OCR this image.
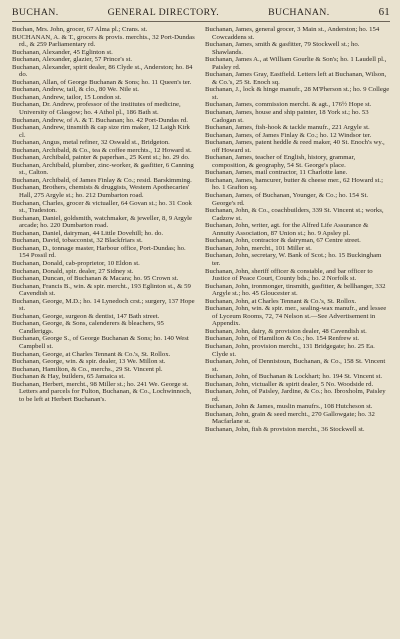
BUCHAN.	GENERAL DIRECTORY.	BUCHANAN.	61

Buchan, Mrs. John, grocer, 67 Alma pl.; Crans. st.

BUCHANAN, A. & T., grocers & provis. merchts., 32 Port-Dundas rd., & 259 Parliamentary rd.

Buchanan, Alexander, 45 Eglinton st.

Buchanan, Alexander, glazier, 57 Prince's st.

Buchanan, Alexander, spirit dealer, 86 Clyde st., Anderston; ho. 84 do.

Buchanan, Allan, of George Buchanan & Sons; ho. 11 Queen's ter.

Buchanan, Andrew, tail, & clo., 80 We. Nile st.

Buchanan, Andrew, tailor, 15 London st.

Buchanan, Dr. Andrew, professor of the institutes of medicine, University of Glasgow; ho. 4 Athol pl., 186 Bath st.

Buchanan, Andrew, of A. & T. Buchanan; ho. 42 Port-Dundas rd.

Buchanan, Andrew, tinsmith & cap size rim maker, 12 Laigh Kirk cl.

Buchanan, Angus, metal refiner, 32 Oswald st., Bridgeton.

Buchanan, Archibald, & Co., tea & coffee merchts., 12 Howard st.

Buchanan, Archibald, painter & paperhan., 25 Kent st.; ho. 29 do.

Buchanan, Archibald, plumber, zinc-worker, & gasfitter, 6 Canning st., Calton.

Buchanan, Archibald, of James Finlay & Co.; resid. Barskimming.

Buchanan, Brothers, chemists & druggists, Western Apothecaries' Hall, 275 Argyle st.; ho. 212 Dumbarton road.

Buchanan, Charles, grocer & victualler, 64 Govan st.; ho. 31 Cook st., Tradeston.

Buchanan, Daniel, goldsmith, watchmaker, & jeweller, 8, 9 Argyle arcade; ho. 220 Dumbarton road.

Buchanan, Daniel, dairyman, 44 Little Dovehill; ho. do.

Buchanan, David, tobacconist, 32 Blackfriars st.

Buchanan, D., tonnage master, Harbour office, Port-Dundas; ho. 154 Possil rd.

Buchanan, Donald, cab-proprietor, 10 Eldon st.

Buchanan, Donald, spir. dealer, 27 Sidney st.

Buchanan, Duncan, of Buchanan & Macara; ho. 95 Crown st.

Buchanan, Francis B., win. & spir. mercht., 193 Eglinton st., & 59 Cavendish st.

Buchanan, George, M.D.; ho. 14 Lynedoch crst.; surgery, 137 Hope st.

Buchanan, George, surgeon & dentist, 147 Bath street.

Buchanan, George, & Sons, calenderers & bleachers, 95 Candleriggs.

Buchanan, George S., of George Buchanan & Sons; ho. 140 West Campbell st.

Buchanan, George, at Charles Tennant & Co.'s, St. Rollox.

Buchanan, George, win. & spir. dealer, 13 We. Millon st.

Buchanan, Hamilton, & Co., merchs., 29 St. Vincent pl.

Buchanan & Hay, builders, 65 Jamaica st.

Buchanan, Herbert, mercht., 98 Miller st.; ho. 241 We. George st. Letters and parcels for Fulton, Buchanan, & Co., Lochwinnoch, to be left at Herbert Buchanan's.

Buchanan, James, general grocer, 3 Main st., Anderston; ho. 154 Cowcaddens st.

Buchanan, James, smith & gasfitter, 79 Stockwell st.; ho. Shawlands.

Buchanan, James A., at William Gourlie & Son's; ho. 1 Laudell pl., Paisley rd.

Buchanan, James Gray, Eastfield. Letters left at Buchanan, Wilson, & Co.'s, 25 St. Enoch sq.

Buchanan, J., lock & hinge manufr., 28 M'Pherson st.; ho. 9 College st.

Buchanan, James, commission mercht. & agt., 176½ Hope st.

Buchanan, James, house and ship painter, 18 York st.; ho. 53 Cadogan st.

Buchanan, James, fish-hook & tackle manufr., 221 Argyle st.

Buchanan, James, of James Finlay & Co.; ho. 12 Windsor ter.

Buchanan, James, patent heddle & reed maker, 40 St. Enoch's wy., off Howard st.

Buchanan, James, teacher of English, history, grammar, composition, & geography, 54 St. George's place.

Buchanan, James, mail contractor, 11 Charlotte lane.

Buchanan, James, hamcurer, butter & cheese mer., 62 Howard st.; ho. 1 Grafton sq.

Buchanan, James, of Buchanan, Younger, & Co.; ho. 154 St. George's rd.

Buchanan, John, & Co., coachbuilders, 339 St. Vincent st.; works, Cadzow st.

Buchanan, John, writer, agt. for the Alfred Life Assurance & Annuity Association, 87 Union st.; ho. 9 Apsley pl.

Buchanan, John, contractor & dairyman, 67 Centre street.

Buchanan, John, mercht., 101 Miller st.

Buchanan, John, secretary, W. Bank of Scot.; ho. 15 Buckingham ter.

Buchanan, John, sheriff officer & constable, and bar officer to Justice of Peace Court, County bds.; ho. 2 Norfolk st.

Buchanan, John, ironmonger, tinsmith, gasfitter, & bellhanger, 332 Argyle st.; ho. 45 Gloucester st.

Buchanan, John, at Charles Tennant & Co.'s, St. Rollox.

Buchanan, John, win. & spir. mer., sealing-wax manufr., and lessee of Lyceum Rooms, 72, 74 Nelson st.—See Advertisement in Appendix.

Buchanan, John, dairy, & provision dealer, 48 Cavendish st.

Buchanan, John, of Hamilton & Co.; ho. 154 Renfrew st.

Buchanan, John, provision mercht., 131 Bridgegate; ho. 25 Ea. Clyde st.

Buchanan, John, of Dennistoun, Buchanan, & Co., 158 St. Vincent st.

Buchanan, John, of Buchanan & Lockhart; ho. 194 St. Vincent st.

Buchanan, John, victualler & spirit dealer, 5 No. Woodside rd.

Buchanan, John, of Paisley, Jardine, & Co.; ho. Ibroxholm, Paisley rd.

Buchanan, John & James, muslin manufrs., 108 Hutcheson st.

Buchanan, John, grain & seed mercht., 270 Gallowgate; ho. 32 Macfarlane st.

Buchanan, John, fish & provision mercht., 36 Stockwell st.
